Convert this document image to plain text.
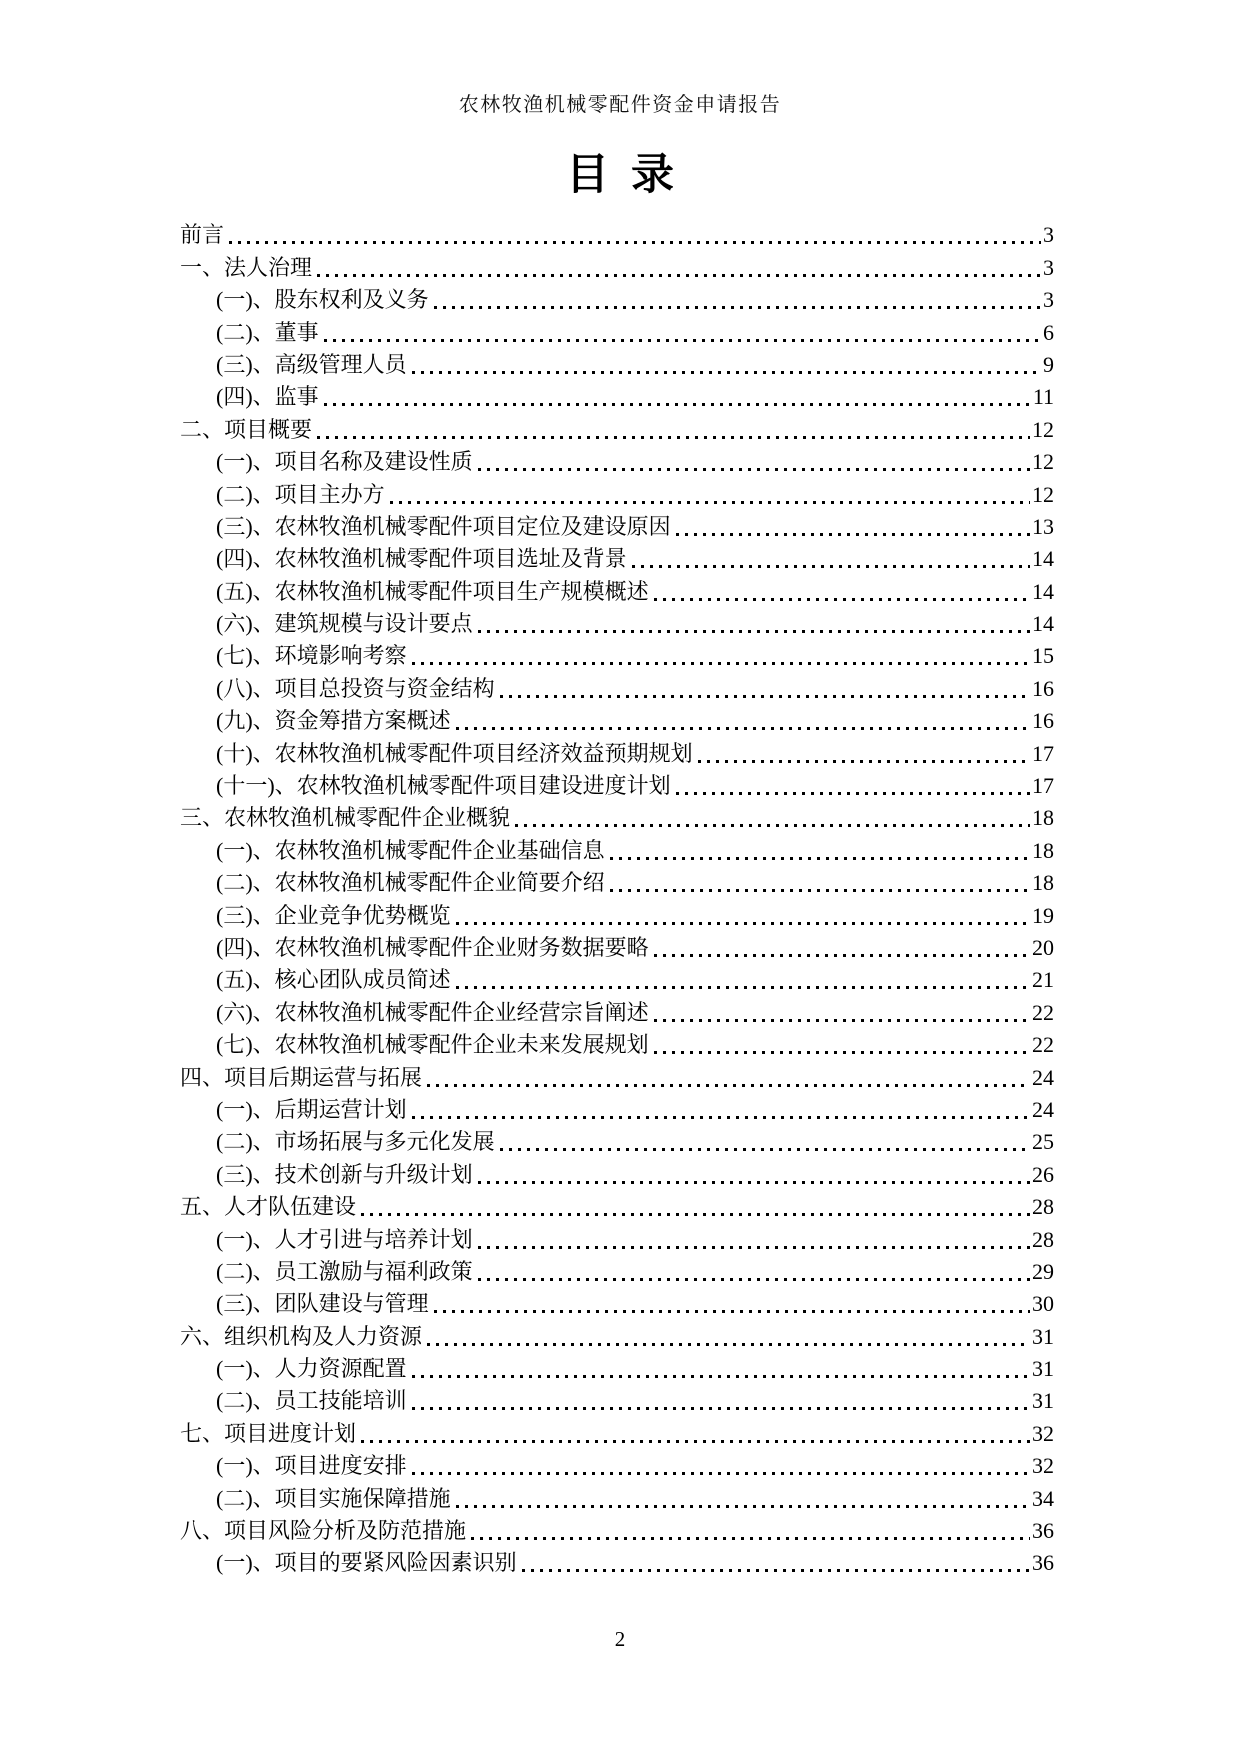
农林牧渔机械零配件资金申请报告
目录
前言	3
一、法人治理	3
(一)、股东权利及义务	3
(二)、董事	6
(三)、高级管理人员	9
(四)、监事	11
二、项目概要	12
(一)、项目名称及建设性质	12
(二)、项目主办方	12
(三)、农林牧渔机械零配件项目定位及建设原因	13
(四)、农林牧渔机械零配件项目选址及背景	14
(五)、农林牧渔机械零配件项目生产规模概述	14
(六)、建筑规模与设计要点	14
(七)、环境影响考察	15
(八)、项目总投资与资金结构	16
(九)、资金筹措方案概述	16
(十)、农林牧渔机械零配件项目经济效益预期规划	17
(十一)、农林牧渔机械零配件项目建设进度计划	17
三、农林牧渔机械零配件企业概貌	18
(一)、农林牧渔机械零配件企业基础信息	18
(二)、农林牧渔机械零配件企业简要介绍	18
(三)、企业竞争优势概览	19
(四)、农林牧渔机械零配件企业财务数据要略	20
(五)、核心团队成员简述	21
(六)、农林牧渔机械零配件企业经营宗旨阐述	22
(七)、农林牧渔机械零配件企业未来发展规划	22
四、项目后期运营与拓展	24
(一)、后期运营计划	24
(二)、市场拓展与多元化发展	25
(三)、技术创新与升级计划	26
五、人才队伍建设	28
(一)、人才引进与培养计划	28
(二)、员工激励与福利政策	29
(三)、团队建设与管理	30
六、组织机构及人力资源	31
(一)、人力资源配置	31
(二)、员工技能培训	31
七、项目进度计划	32
(一)、项目进度安排	32
(二)、项目实施保障措施	34
八、项目风险分析及防范措施	36
(一)、项目的要紧风险因素识别	36
2
